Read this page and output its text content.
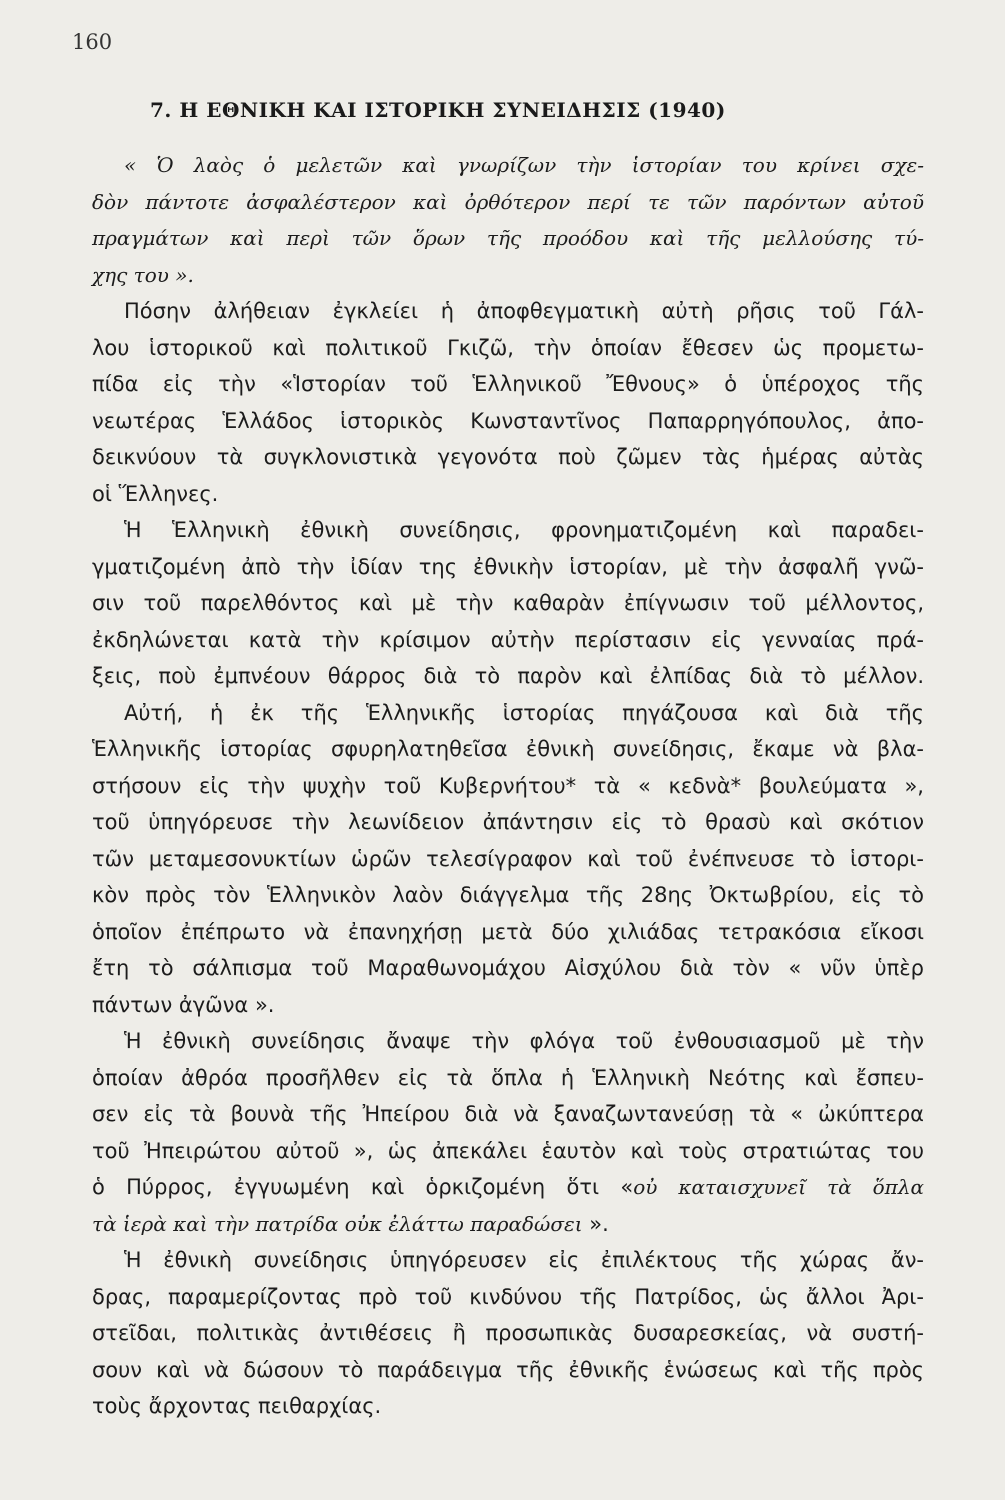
160
7. Η ΕΘΝΙΚΗ ΚΑΙ ΙΣΤΟΡΙΚΗ ΣΥΝΕΙΔΗΣΙΣ (1940)
« Ὁ λαὸς ὁ μελετῶν καὶ γνωρίζων τὴν ἱστορίαν του κρίνει σχε-
δὸν πάντοτε ἀσφαλέστερον καὶ ὀρθότερον περί τε τῶν παρόντων αὐτοῦ
πραγμάτων καὶ περὶ τῶν ὅρων τῆς προόδου καὶ τῆς μελλούσης τύ-
χης του ».
Πόσην ἀλήθειαν ἐγκλείει ἡ ἀποφθεγματικὴ αὐτὴ ρῆσις τοῦ Γάλ-
λου ἱστορικοῦ καὶ πολιτικοῦ Γκιζῶ, τὴν ὁποίαν ἔθεσεν ὡς προμετω-
πίδα εἰς τὴν «Ἱστορίαν τοῦ Ἑλληνικοῦ Ἔθνους» ὁ ὑπέροχος τῆς
νεωτέρας Ἑλλάδος ἱστορικὸς Κωνσταντῖνος Παπαρρηγόπουλος, ἀπο-
δεικνύουν τὰ συγκλονιστικὰ γεγονότα ποὺ ζῶμεν τὰς ἡμέρας αὐτὰς
οἱ Ἕλληνες.
Ἡ Ἑλληνικὴ ἐθνικὴ συνείδησις, φρονηματιζομένη καὶ παραδει-
γματιζομένη ἀπὸ τὴν ἰδίαν της ἐθνικὴν ἱστορίαν, μὲ τὴν ἀσφαλῆ γνῶ-
σιν τοῦ παρελθόντος καὶ μὲ τὴν καθαρὰν ἐπίγνωσιν τοῦ μέλλοντος,
ἐκδηλώνεται κατὰ τὴν κρίσιμον αὐτὴν περίστασιν εἰς γενναίας πρά-
ξεις, ποὺ ἐμπνέουν θάρρος διὰ τὸ παρὸν καὶ ἐλπίδας διὰ τὸ μέλλον.
Αὐτή, ἡ ἐκ τῆς Ἑλληνικῆς ἱστορίας πηγάζουσα καὶ διὰ τῆς
Ἑλληνικῆς ἱστορίας σφυρηλατηθεῖσα ἐθνικὴ συνείδησις, ἔκαμε νὰ βλα-
στήσουν εἰς τὴν ψυχὴν τοῦ Κυβερνήτου* τὰ « κεδνὰ* βουλεύματα »,
τοῦ ὑπηγόρευσε τὴν λεωνίδειον ἀπάντησιν εἰς τὸ θρασὺ καὶ σκότιον
τῶν μεταμεσονυκτίων ὡρῶν τελεσίγραφον καὶ τοῦ ἐνέπνευσε τὸ ἱστορι-
κὸν πρὸς τὸν Ἑλληνικὸν λαὸν διάγγελμα τῆς 28ης Ὀκτωβρίου, εἰς τὸ
ὁποῖον ἐπέπρωτο νὰ ἐπανηχήσῃ μετὰ δύο χιλιάδας τετρακόσια εἴκοσι
ἔτη τὸ σάλπισμα τοῦ Μαραθωνομάχου Αἰσχύλου διὰ τὸν « νῦν ὑπὲρ
πάντων ἀγῶνα ».
Ἡ ἐθνικὴ συνείδησις ἄναψε τὴν φλόγα τοῦ ἐνθουσιασμοῦ μὲ τὴν
ὁποίαν ἀθρόα προσῆλθεν εἰς τὰ ὅπλα ἡ Ἑλληνικὴ Νεότης καὶ ἔσπευ-
σεν εἰς τὰ βουνὰ τῆς Ἠπείρου διὰ νὰ ξαναζωντανεύσῃ τὰ « ὠκύπτερα
τοῦ Ἠπειρώτου αὐτοῦ », ὡς ἀπεκάλει ἑαυτὸν καὶ τοὺς στρατιώτας του
ὁ Πύρρος, ἐγγυωμένη καὶ ὁρκιζομένη ὅτι «οὐ καταισχυνεῖ τὰ ὅπλα
τὰ ἱερὰ καὶ τὴν πατρίδα οὐκ ἐλάττω παραδώσει ».
Ἡ ἐθνικὴ συνείδησις ὑπηγόρευσεν εἰς ἐπιλέκτους τῆς χώρας ἄν-
δρας, παραμερίζοντας πρὸ τοῦ κινδύνου τῆς Πατρίδος, ὡς ἄλλοι Ἀρι-
στεῖδαι, πολιτικὰς ἀντιθέσεις ἢ προσωπικὰς δυσαρεσκείας, νὰ συστή-
σουν καὶ νὰ δώσουν τὸ παράδειγμα τῆς ἐθνικῆς ἑνώσεως καὶ τῆς πρὸς
τοὺς ἄρχοντας πειθαρχίας.
